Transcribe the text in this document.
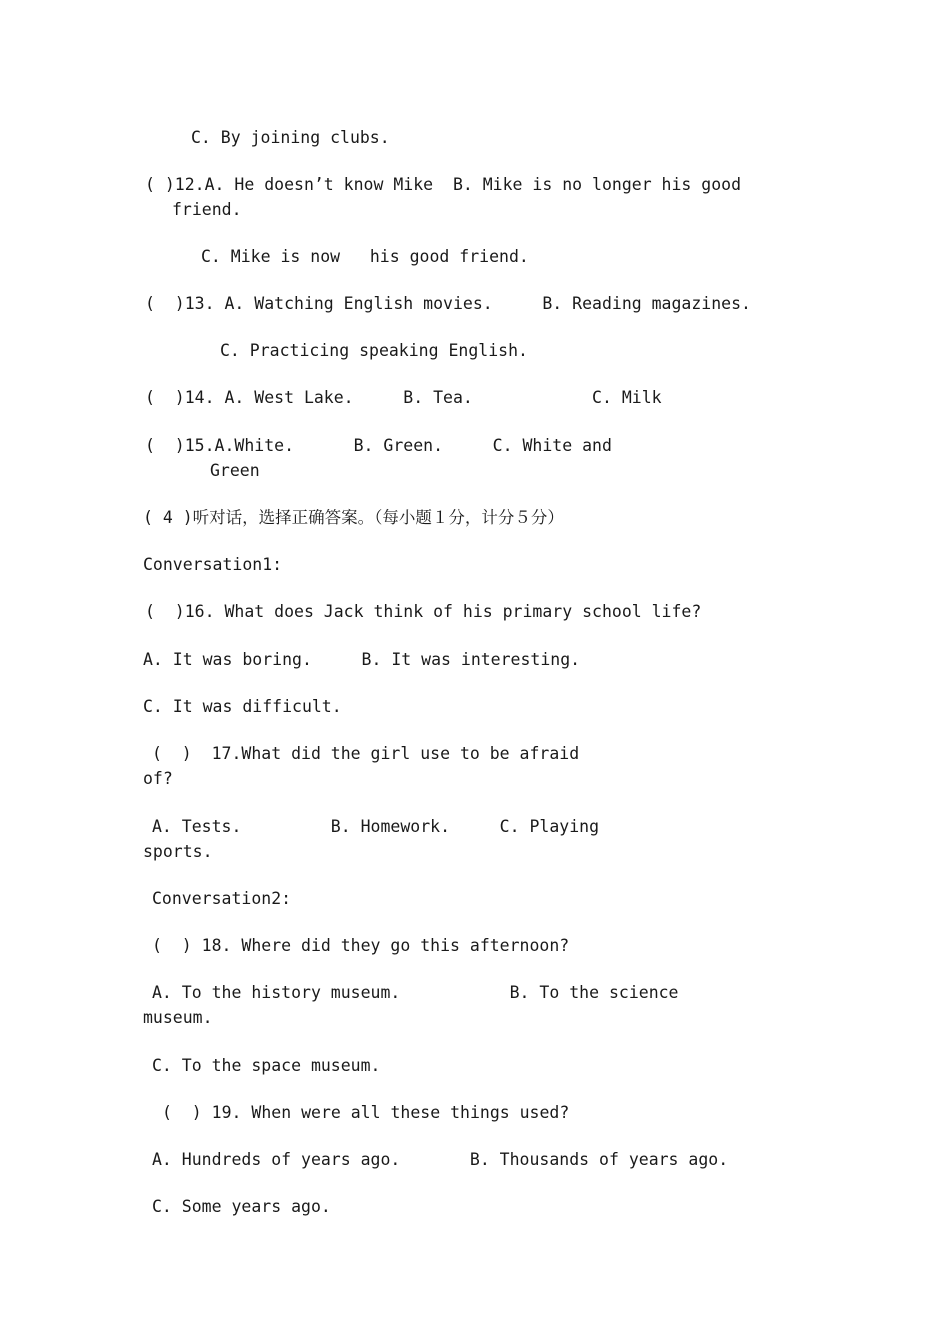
C. By joining clubs.
( )12.A. He doesn’t know Mike  B. Mike is no longer his good
friend.
C. Mike is now   his good friend.
(  )13. A. Watching English movies.     B. Reading magazines.
C. Practicing speaking English.
(  )14. A. West Lake.     B. Tea.            C. Milk
(  )15.A.White.      B. Green.     C. White and
Green
( 4 )听对话，选择正确答案。（每小题１分，计分５分）
Conversation1:
(  )16. What does Jack think of his primary school life?
A. It was boring.     B. It was interesting.
C. It was difficult.
(  )  17.What did the girl use to be afraid
of?
A. Tests.         B. Homework.     C. Playing
sports.
Conversation2:
(  ) 18. Where did they go this afternoon?
A. To the history museum.           B. To the science
museum.
C. To the space museum.
(  ) 19. When were all these things used?
A. Hundreds of years ago.       B. Thousands of years ago.
C. Some years ago.
